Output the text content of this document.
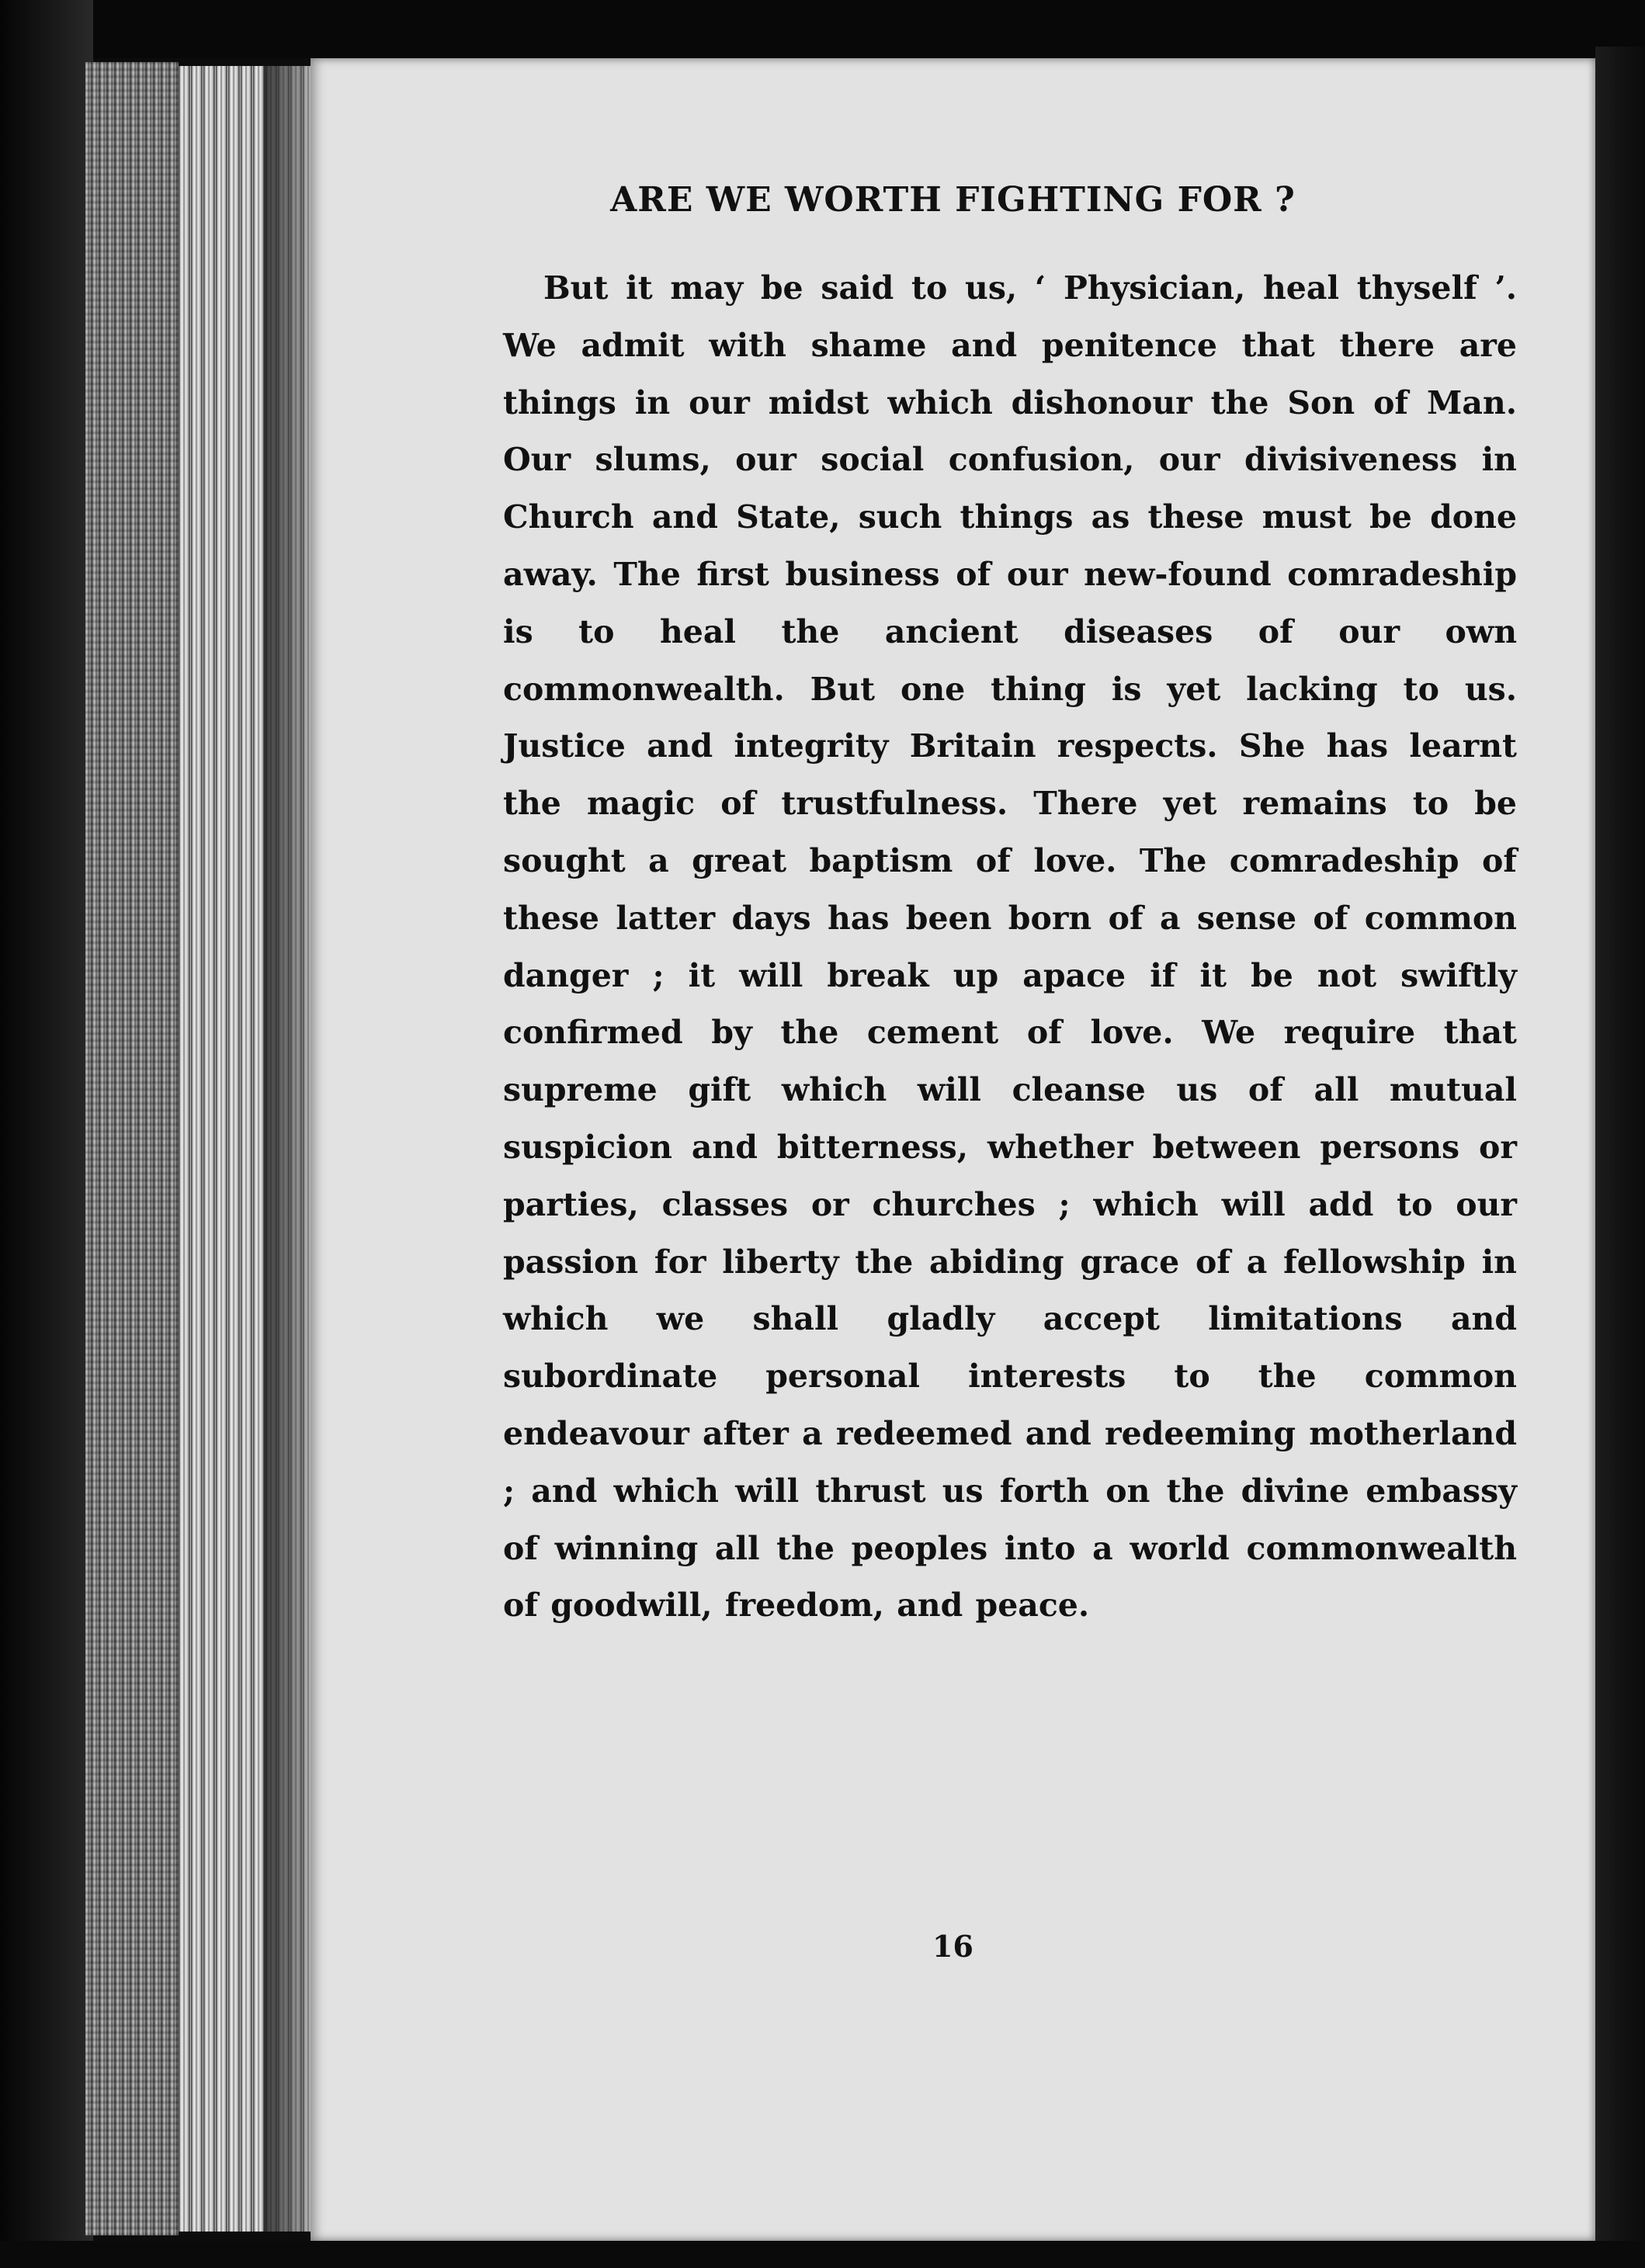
ARE WE WORTH FIGHTING FOR ?

But it may be said to us, ‘ Physician, heal thyself ’. We admit with shame and penitence that there are things in our midst which dishonour the Son of Man. Our slums, our social confusion, our divisiveness in Church and State, such things as these must be done away. The first business of our new-found comradeship is to heal the ancient diseases of our own commonwealth. But one thing is yet lacking to us. Justice and integrity Britain respects. She has learnt the magic of trustfulness. There yet remains to be sought a great baptism of love. The comradeship of these latter days has been born of a sense of common danger ; it will break up apace if it be not swiftly confirmed by the cement of love. We require that supreme gift which will cleanse us of all mutual suspicion and bitterness, whether between persons or parties, classes or churches ; which will add to our passion for liberty the abiding grace of a fellowship in which we shall gladly accept limitations and subordinate personal interests to the common endeavour after a redeemed and redeeming motherland ; and which will thrust us forth on the divine embassy of winning all the peoples into a world commonwealth of goodwill, freedom, and peace.

16
